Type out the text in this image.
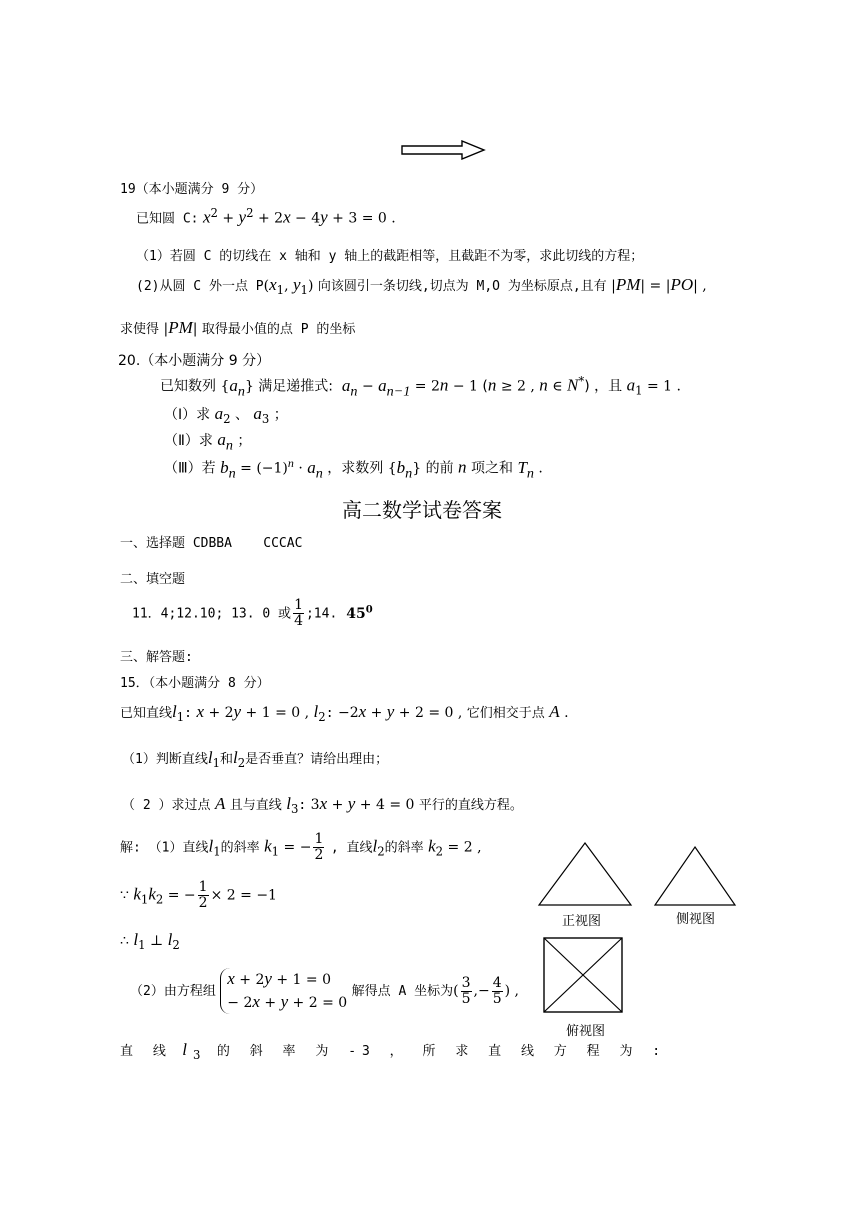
19（本小题满分 9 分）
已知圆 C: $x^2 + y^2 + 2x - 4y + 3 = 0$ .
（1）若圆 C 的切线在 x 轴和 y 轴上的截距相等，且截距不为零，求此切线的方程；
(2)从圆 C 外一点 $P(x_1$, $y_1$) 向该圆引一条切线,切点为 M,O 为坐标原点,且有 |PM| = |PO| ,
求使得 |PM| 取得最小值的点 P 的坐标
20.（本小题满分 9 分）
已知数列 $\{a_n\}$ 满足递推式: $a_n - a_{n-1} = 2n - 1$ (n ≥ 2 , n ∈ N*) ，且 $a_1 = 1$ .
（Ⅰ）求 $a_2$ 、 $a_3$ ；
（Ⅱ）求 $a_n$ ；
（Ⅲ）若 $b_n = (-1)^n \cdot a_n$ ，求数列 $\{b_n\}$ 的前 n 项之和 $T_n$ .
高二数学试卷答案
一、选择题 CDBBA    CCCAC
二、填空题
11．4;12.10; 13. 0 或 $\frac{1}{4}$ ;14. $45^0$
三、解答题:
15．（本小题满分 8 分）
已知直线$l_1$: x + 2y + 1 = 0 , $l_2$: −2x + y + 2 = 0 , 它们相交于点 A .
（1）判断直线$l_1$和$l_2$是否垂直？请给出理由；
（ 2 ）求过点 A 且与直线 $l_3$: 3x + y + 4 = 0 平行的直线方程。
解: （1）直线$l_1$的斜率 $k_1$ = − $\frac{1}{2}$ , 直线$l_2$的斜率 $k_2 = 2$ ,
∵ $k_1k_2$ = − $\frac{1}{2} \times 2 = -1$
∴ $l_1$ ⊥ $l_2$
（2）由方程组
x + 2y + 1 = 0
− 2x + y + 2 = 0
解得点 A 坐标为( $\frac{3}{5}$ ,− $\frac{4}{5}$ ) ,
直 线 $l_3$ 的 斜 率 为 -3 ， 所 求 直 线 方 程 为 :
正视图	侧视图
俯视图
